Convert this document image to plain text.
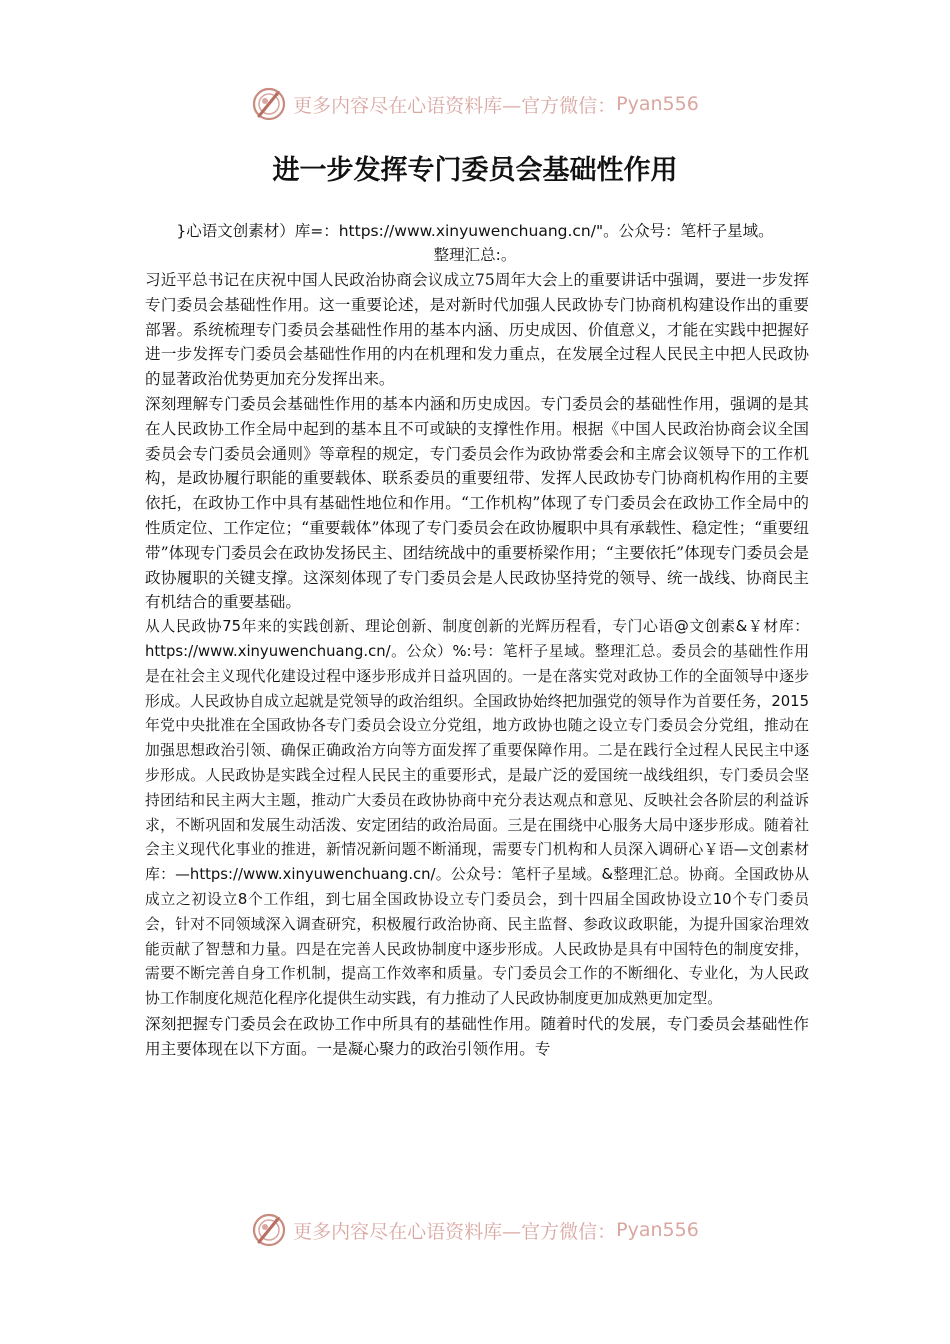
更多内容尽在心语资料库—官方微信： Pyan556
进一步发挥专门委员会基础性作用
}心语文创素材）库=：https://www.xinyuwenchuang.cn/"。公众号：笔杆子星域。
整理汇总:。

习近平总书记在庆祝中国人民政治协商会议成立75周年大会上的重要讲话中强调，要进一步发挥专门委员会基础性作用。这一重要论述，是对新时代加强人民政协专门协商机构建设作出的重要部署。系统梳理专门委员会基础性作用的基本内涵、历史成因、价值意义，才能在实践中把握好进一步发挥专门委员会基础性作用的内在机理和发力重点，在发展全过程人民民主中把人民政协的显著政治优势更加充分发挥出来。

深刻理解专门委员会基础性作用的基本内涵和历史成因。专门委员会的基础性作用，强调的是其在人民政协工作全局中起到的基本且不可或缺的支撑性作用。根据《中国人民政治协商会议全国委员会专门委员会通则》等章程的规定，专门委员会作为政协常委会和主席会议领导下的工作机构，是政协履行职能的重要载体、联系委员的重要纽带、发挥人民政协专门协商机构作用的主要依托，在政协工作中具有基础性地位和作用。“工作机构”体现了专门委员会在政协工作全局中的性质定位、工作定位；“重要载体”体现了专门委员会在政协履职中具有承载性、稳定性；“重要纽带”体现专门委员会在政协发扬民主、团结统战中的重要桥梁作用；“主要依托”体现专门委员会是政协履职的关键支撑。这深刻体现了专门委员会是人民政协坚持党的领导、统一战线、协商民主有机结合的重要基础。

从人民政协75年来的实践创新、理论创新、制度创新的光辉历程看，专门心语@文创素&￥材库：https://www.xinyuwenchuang.cn/。公众）%:号：笔杆子星域。整理汇总。委员会的基础性作用是在社会主义现代化建设过程中逐步形成并日益巩固的。一是在落实党对政协工作的全面领导中逐步形成。人民政协自成立起就是党领导的政治组织。全国政协始终把加强党的领导作为首要任务，2015年党中央批准在全国政协各专门委员会设立分党组，地方政协也随之设立专门委员会分党组，推动在加强思想政治引领、确保正确政治方向等方面发挥了重要保障作用。二是在践行全过程人民民主中逐步形成。人民政协是实践全过程人民民主的重要形式，是最广泛的爱国统一战线组织，专门委员会坚持团结和民主两大主题，推动广大委员在政协协商中充分表达观点和意见、反映社会各阶层的利益诉求，不断巩固和发展生动活泼、安定团结的政治局面。三是在围绕中心服务大局中逐步形成。随着社会主义现代化事业的推进，新情况新问题不断涌现，需要专门机构和人员深入调研心￥语—文创素材库：—https://www.xinyuwenchuang.cn/。公众号：笔杆子星域。&整理汇总。协商。全国政协从成立之初设立8个工作组，到七届全国政协设立专门委员会，到十四届全国政协设立10个专门委员会，针对不同领域深入调查研究，积极履行政治协商、民主监督、参政议政职能，为提升国家治理效能贡献了智慧和力量。四是在完善人民政协制度中逐步形成。人民政协是具有中国特色的制度安排，需要不断完善自身工作机制，提高工作效率和质量。专门委员会工作的不断细化、专业化，为人民政协工作制度化规范化程序化提供生动实践，有力推动了人民政协制度更加成熟更加定型。

深刻把握专门委员会在政协工作中所具有的基础性作用。随着时代的发展，专门委员会基础性作用主要体现在以下方面。一是凝心聚力的政治引领作用。专

更多内容尽在心语资料库—官方微信： Pyan556
